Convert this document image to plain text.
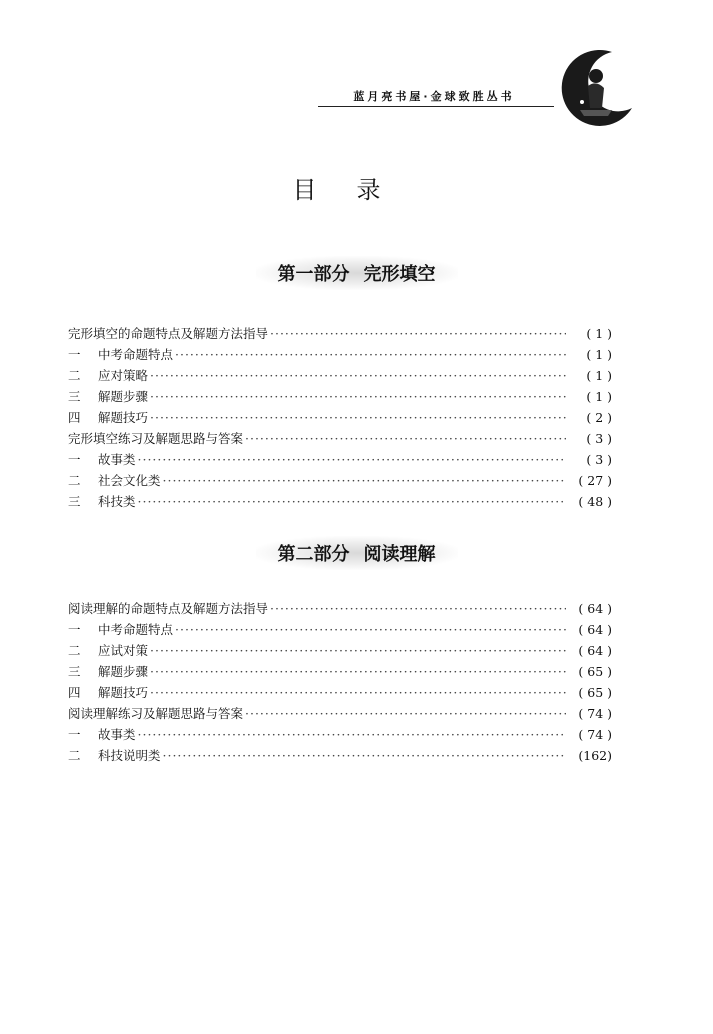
蓝月亮书屋·金球致胜丛书
目录
第一部分 完形填空
完形填空的命题特点及解题方法指导 ·····	( 1 )
一	中考命题特点 ·····	( 1 )
二	应对策略 ·····	( 1 )
三	解题步骤 ·····	( 1 )
四	解题技巧 ·····	( 2 )
完形填空练习及解题思路与答案 ·····	( 3 )
一	故事类 ·····	( 3 )
二	社会文化类 ·····	( 27 )
三	科技类 ·····	( 48 )
第二部分 阅读理解
阅读理解的命题特点及解题方法指导 ·····	( 64 )
一	中考命题特点 ·····	( 64 )
二	应试对策 ·····	( 64 )
三	解题步骤 ·····	( 65 )
四	解题技巧 ·····	( 65 )
阅读理解练习及解题思路与答案 ·····	( 74 )
一	故事类 ·····	( 74 )
二	科技说明类 ·····	(162)
